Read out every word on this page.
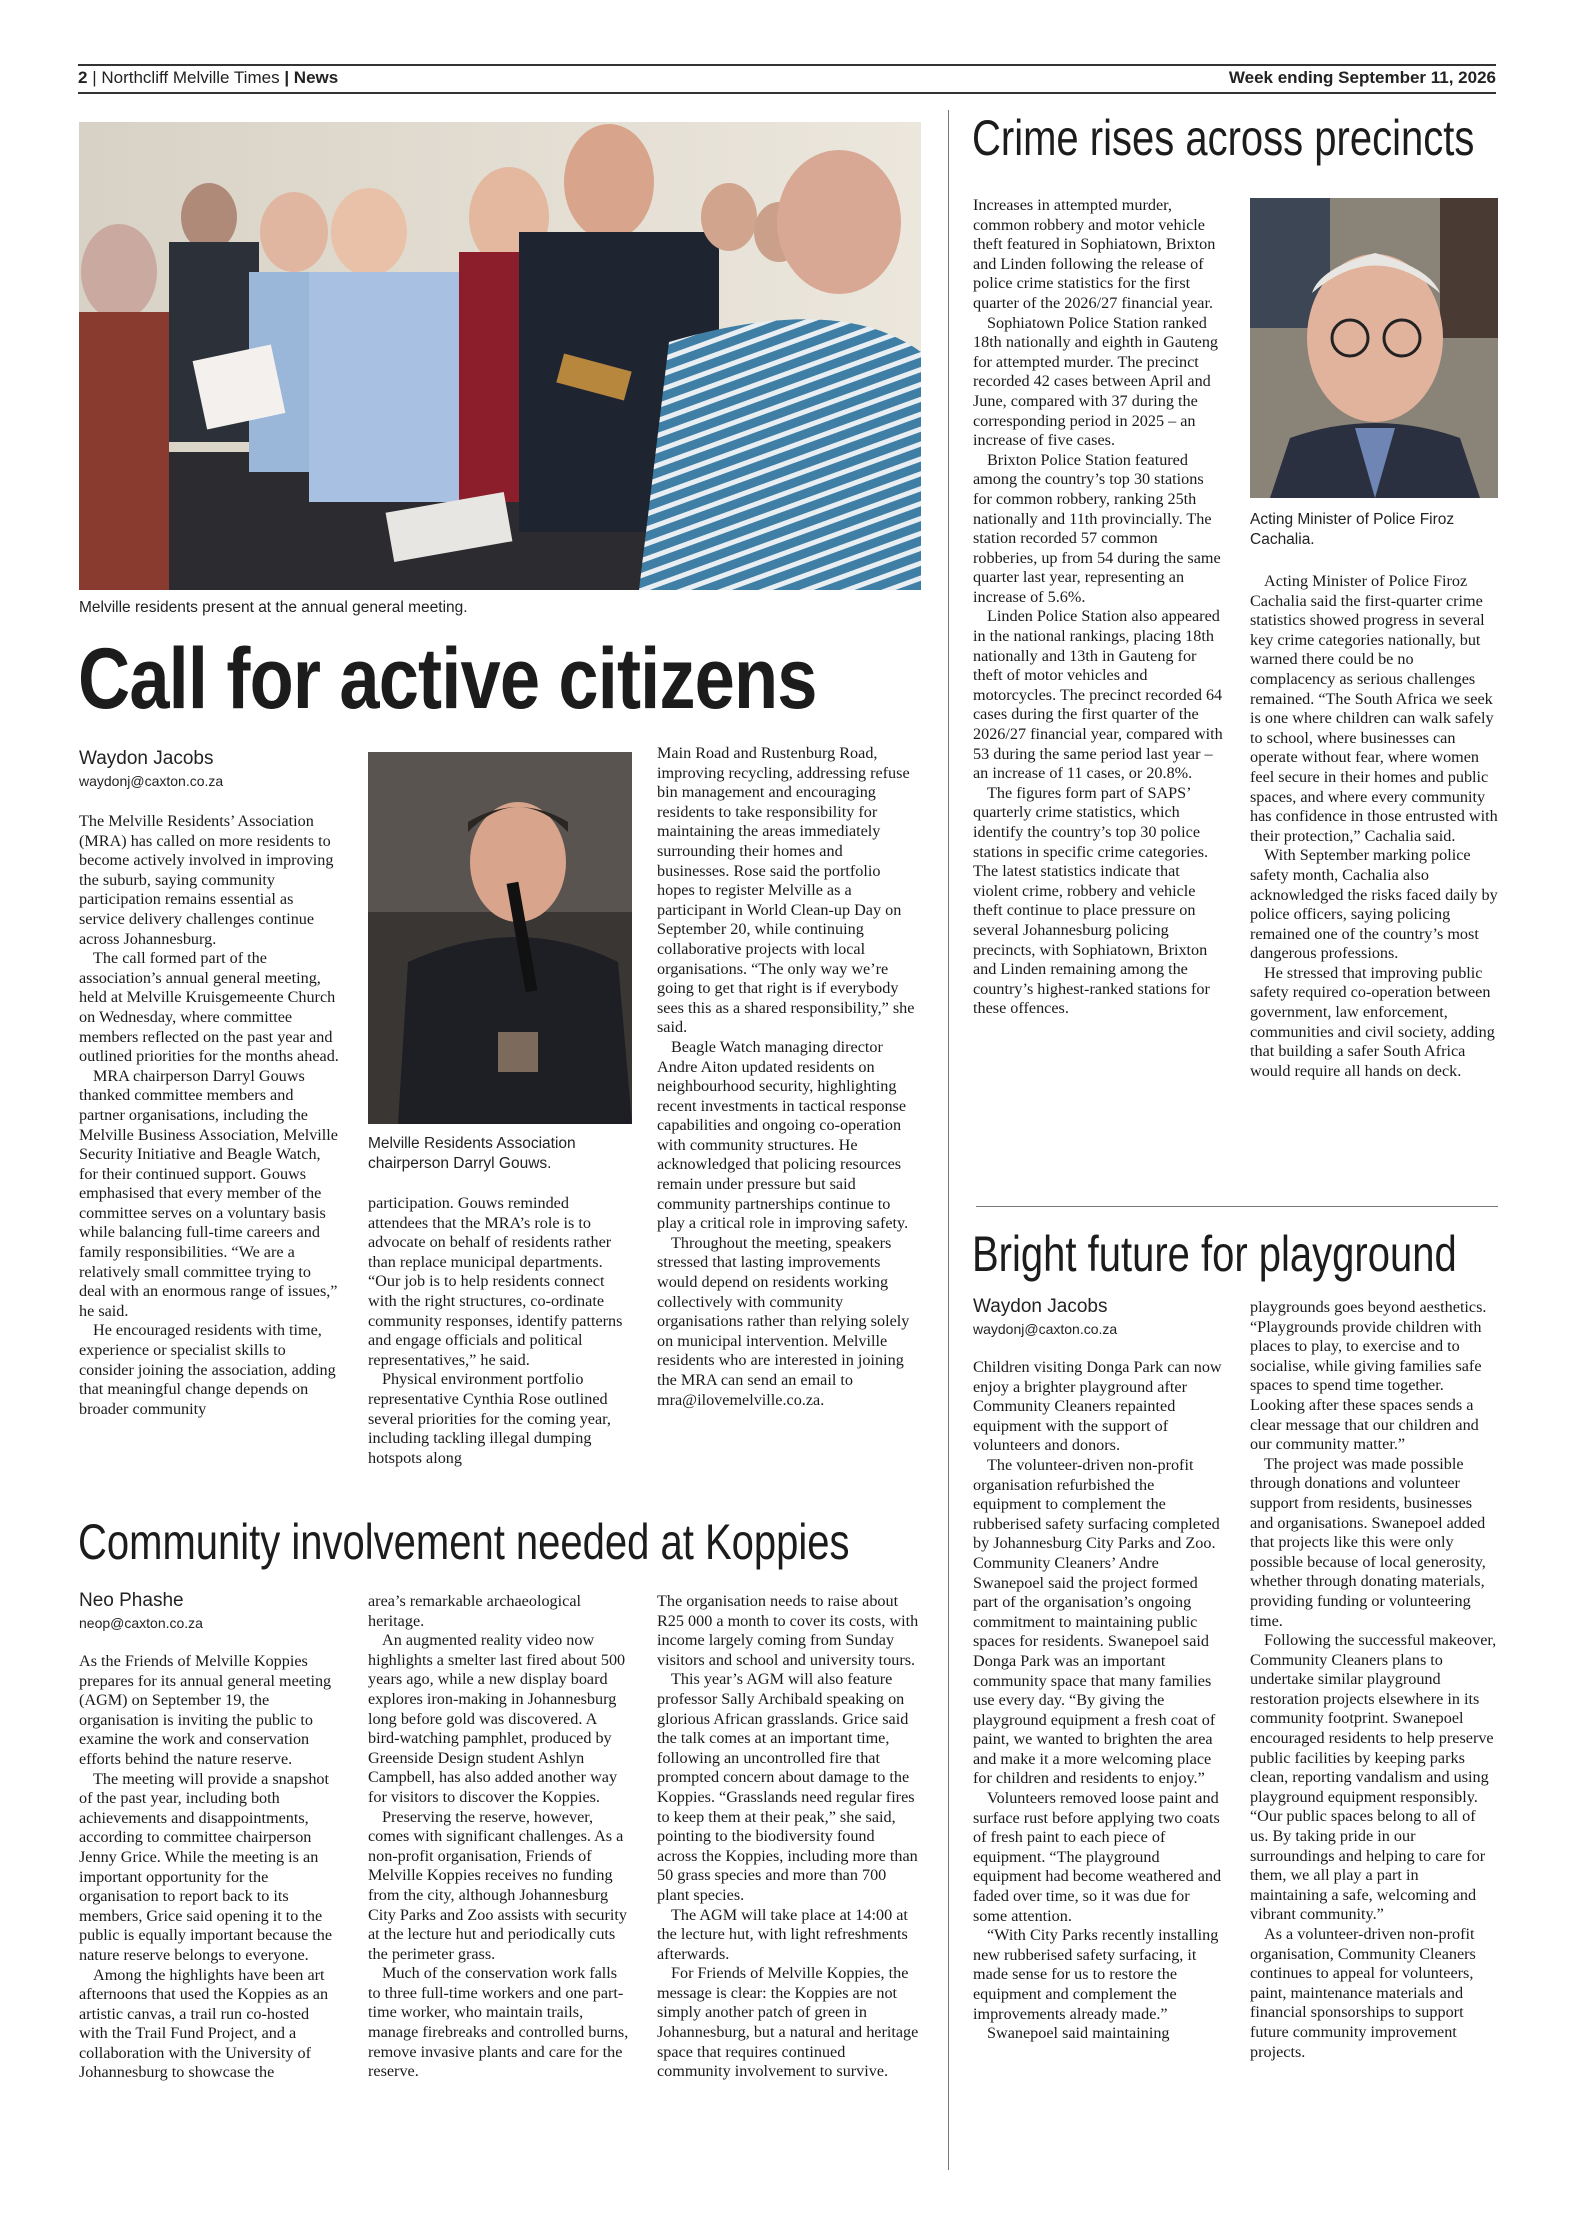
2 | Northcliff Melville Times | News	Week ending September 11, 2026
Melville residents present at the annual general meeting.
Call for active citizens
Waydon Jacobs
waydonj@caxton.co.za

The Melville Residents’ Association (MRA) has called on more residents to become actively involved in improving the suburb, saying community participation remains essential as service delivery challenges continue across Johannesburg.

The call formed part of the association’s annual general meeting, held at Melville Kruisgemeente Church on Wednesday, where committee members reflected on the past year and outlined priorities for the months ahead.

MRA chairperson Darryl Gouws thanked committee members and partner organisations, including the Melville Business Association, Melville Security Initiative and Beagle Watch, for their continued support. Gouws emphasised that every member of the committee serves on a voluntary basis while balancing full-time careers and family responsibilities. “We are a relatively small committee trying to deal with an enormous range of issues,” he said.

He encouraged residents with time, experience or specialist skills to consider joining the association, adding that meaningful change depends on broader community

Melville Residents Association chairperson Darryl Gouws.

participation. Gouws reminded attendees that the MRA’s role is to advocate on behalf of residents rather than replace municipal departments. “Our job is to help residents connect with the right structures, co-ordinate community responses, identify patterns and engage officials and political representatives,” he said.

Physical environment portfolio representative Cynthia Rose outlined several priorities for the coming year, including tackling illegal dumping hotspots along

Main Road and Rustenburg Road, improving recycling, addressing refuse bin management and encouraging residents to take responsibility for maintaining the areas immediately surrounding their homes and businesses. Rose said the portfolio hopes to register Melville as a participant in World Clean-up Day on September 20, while continuing collaborative projects with local organisations. “The only way we’re going to get that right is if everybody sees this as a shared responsibility,” she said.

Beagle Watch managing director Andre Aiton updated residents on neighbourhood security, highlighting recent investments in tactical response capabilities and ongoing co-operation with community structures. He acknowledged that policing resources remain under pressure but said community partnerships continue to play a critical role in improving safety.

Throughout the meeting, speakers stressed that lasting improvements would depend on residents working collectively with community organisations rather than relying solely on municipal intervention. Melville residents who are interested in joining the MRA can send an email to mra@ilovemelville.co.za.

Community involvement needed at Koppies
Neo Phashe
neop@caxton.co.za

As the Friends of Melville Koppies prepares for its annual general meeting (AGM) on September 19, the organisation is inviting the public to examine the work and conservation efforts behind the nature reserve.

The meeting will provide a snapshot of the past year, including both achievements and disappointments, according to committee chairperson Jenny Grice. While the meeting is an important opportunity for the organisation to report back to its members, Grice said opening it to the public is equally important because the nature reserve belongs to everyone.

Among the highlights have been art afternoons that used the Koppies as an artistic canvas, a trail run co-hosted with the Trail Fund Project, and a collaboration with the University of Johannesburg to showcase the

area’s remarkable archaeological heritage.

An augmented reality video now highlights a smelter last fired about 500 years ago, while a new display board explores iron-making in Johannesburg long before gold was discovered. A bird-watching pamphlet, produced by Greenside Design student Ashlyn Campbell, has also added another way for visitors to discover the Koppies.

Preserving the reserve, however, comes with significant challenges. As a non-profit organisation, Friends of Melville Koppies receives no funding from the city, although Johannesburg City Parks and Zoo assists with security at the lecture hut and periodically cuts the perimeter grass.

Much of the conservation work falls to three full-time workers and one part-time worker, who maintain trails, manage firebreaks and controlled burns, remove invasive plants and care for the reserve.

The organisation needs to raise about R25 000 a month to cover its costs, with income largely coming from Sunday visitors and school and university tours.

This year’s AGM will also feature professor Sally Archibald speaking on glorious African grasslands. Grice said the talk comes at an important time, following an uncontrolled fire that prompted concern about damage to the Koppies. “Grasslands need regular fires to keep them at their peak,” she said, pointing to the biodiversity found across the Koppies, including more than 50 grass species and more than 700 plant species.

The AGM will take place at 14:00 at the lecture hut, with light refreshments afterwards.

For Friends of Melville Koppies, the message is clear: the Koppies are not simply another patch of green in Johannesburg, but a natural and heritage space that requires continued community involvement to survive.

Crime rises across precincts

Increases in attempted murder, common robbery and motor vehicle theft featured in Sophiatown, Brixton and Linden following the release of police crime statistics for the first quarter of the 2026/27 financial year.

Sophiatown Police Station ranked 18th nationally and eighth in Gauteng for attempted murder. The precinct recorded 42 cases between April and June, compared with 37 during the corresponding period in 2025 – an increase of five cases.

Brixton Police Station featured among the country’s top 30 stations for common robbery, ranking 25th nationally and 11th provincially. The station recorded 57 common robberies, up from 54 during the same quarter last year, representing an increase of 5.6%.

Linden Police Station also appeared in the national rankings, placing 18th nationally and 13th in Gauteng for theft of motor vehicles and motorcycles. The precinct recorded 64 cases during the first quarter of the 2026/27 financial year, compared with 53 during the same period last year – an increase of 11 cases, or 20.8%.

The figures form part of SAPS’ quarterly crime statistics, which identify the country’s top 30 police stations in specific crime categories. The latest statistics indicate that violent crime, robbery and vehicle theft continue to place pressure on several Johannesburg policing precincts, with Sophiatown, Brixton and Linden remaining among the country’s highest-ranked stations for these offences.

Acting Minister of Police Firoz Cachalia.

Acting Minister of Police Firoz Cachalia said the first-quarter crime statistics showed progress in several key crime categories nationally, but warned there could be no complacency as serious challenges remained. “The South Africa we seek is one where children can walk safely to school, where businesses can operate without fear, where women feel secure in their homes and public spaces, and where every community has confidence in those entrusted with their protection,” Cachalia said.

With September marking police safety month, Cachalia also acknowledged the risks faced daily by police officers, saying policing remained one of the country’s most dangerous professions.

He stressed that improving public safety required co-operation between government, law enforcement, communities and civil society, adding that building a safer South Africa would require all hands on deck.

Bright future for playground
Waydon Jacobs
waydonj@caxton.co.za

Children visiting Donga Park can now enjoy a brighter playground after Community Cleaners repainted equipment with the support of volunteers and donors.

The volunteer-driven non-profit organisation refurbished the equipment to complement the rubberised safety surfacing completed by Johannesburg City Parks and Zoo. Community Cleaners’ Andre Swanepoel said the project formed part of the organisation’s ongoing commitment to maintaining public spaces for residents. Swanepoel said Donga Park was an important community space that many families use every day. “By giving the playground equipment a fresh coat of paint, we wanted to brighten the area and make it a more welcoming place for children and residents to enjoy.”

Volunteers removed loose paint and surface rust before applying two coats of fresh paint to each piece of equipment. “The playground equipment had become weathered and faded over time, so it was due for some attention.

“With City Parks recently installing new rubberised safety surfacing, it made sense for us to restore the equipment and complement the improvements already made.”

Swanepoel said maintaining

playgrounds goes beyond aesthetics. “Playgrounds provide children with places to play, to exercise and to socialise, while giving families safe spaces to spend time together. Looking after these spaces sends a clear message that our children and our community matter.”

The project was made possible through donations and volunteer support from residents, businesses and organisations. Swanepoel added that projects like this were only possible because of local generosity, whether through donating materials, providing funding or volunteering time.

Following the successful makeover, Community Cleaners plans to undertake similar playground restoration projects elsewhere in its community footprint. Swanepoel encouraged residents to help preserve public facilities by keeping parks clean, reporting vandalism and using playground equipment responsibly. “Our public spaces belong to all of us. By taking pride in our surroundings and helping to care for them, we all play a part in maintaining a safe, welcoming and vibrant community.”

As a volunteer-driven non-profit organisation, Community Cleaners continues to appeal for volunteers, paint, maintenance materials and financial sponsorships to support future community improvement projects.
